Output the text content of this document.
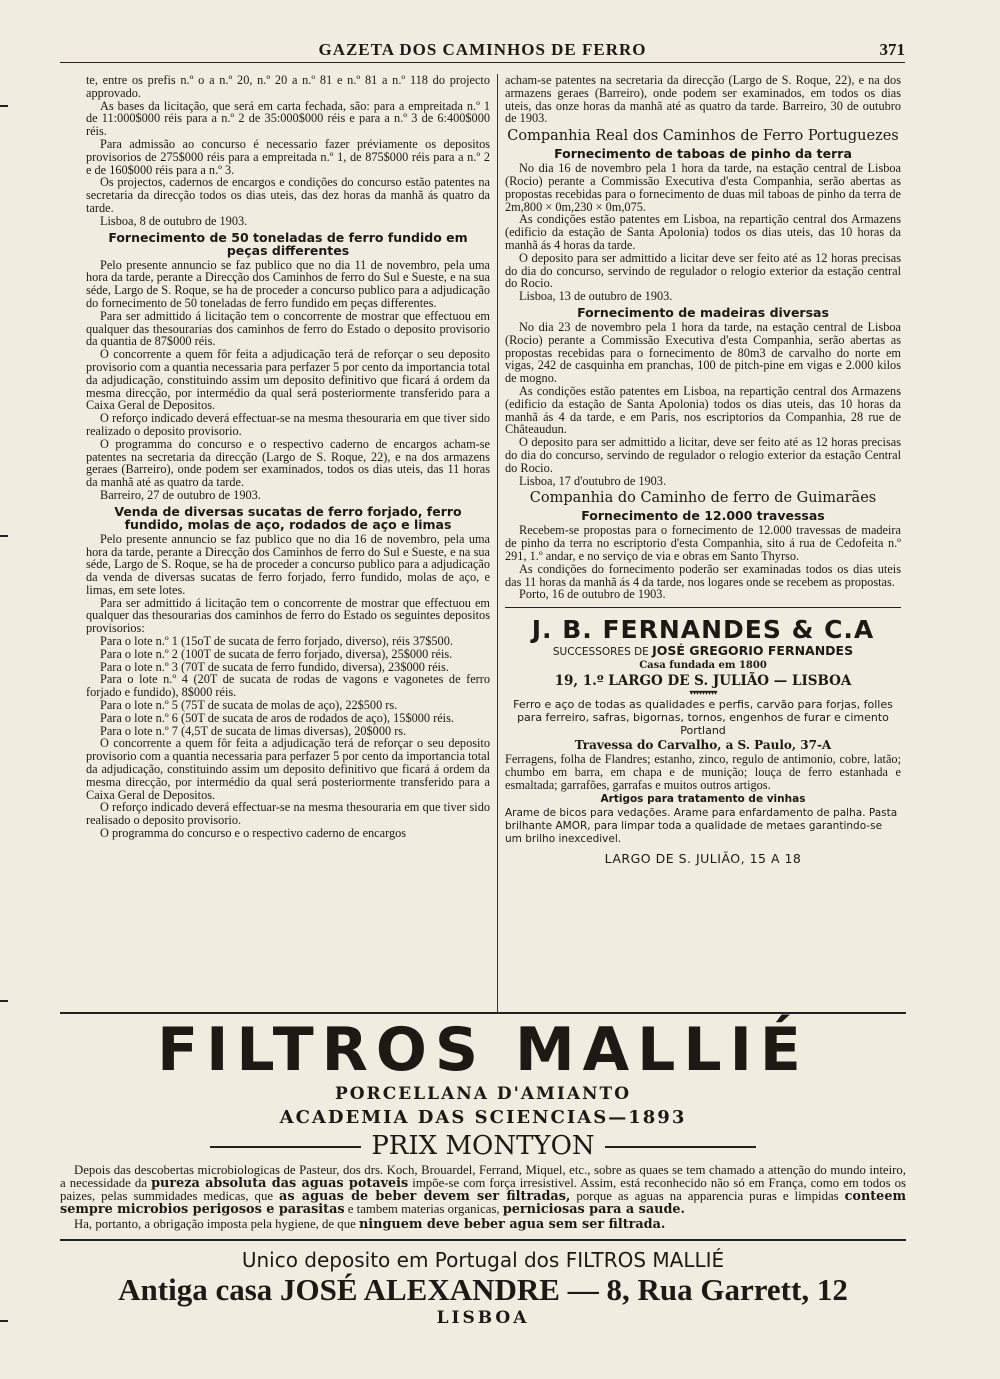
GAZETA DOS CAMINHOS DE FERRO	371

te, entre os prefis n.º o a n.º 20, n.º 20 a n.º 81 e n.º 81 a n.º 118 do projecto approvado.

As bases da licitação, que será em carta fechada, são: para a empreitada n.º 1 de 11:000$000 réis para a n.º 2 de 35:000$000 réis e para a n.º 3 de 6:400$000 réis.

Para admissão ao concurso é necessario fazer préviamente os depositos provisorios de 275$000 réis para a empreitada n.º 1, de 875$000 réis para a n.º 2 e de 160$000 réis para a n.º 3.

Os projectos, cadernos de encargos e condições do concurso estão patentes na secretaria da direcção todos os dias uteis, das dez horas da manhã ás quatro da tarde.

Lisboa, 8 de outubro de 1903.

Fornecimento de 50 toneladas de ferro fundido em peças differentes

Pelo presente annuncio se faz publico que no dia 11 de novembro, pela uma hora da tarde, perante a Direcção dos Caminhos de ferro do Sul e Sueste, e na sua séde, Largo de S. Roque, se ha de proceder a concurso publico para a adjudicação do fornecimento de 50 toneladas de ferro fundido em peças differentes.

Para ser admittido á licitação tem o concorrente de mostrar que effectuou em qualquer das thesourarias dos caminhos de ferro do Estado o deposito provisorio da quantia de 87$000 réis.

O concorrente a quem fôr feita a adjudicação terá de reforçar o seu deposito provisorio com a quantia necessaria para perfazer 5 por cento da importancia total da adjudicação, constituindo assim um deposito definitivo que ficará á ordem da mesma direcção, por intermédio da qual será posteriormente transferido para a Caixa Geral de Depositos.

O reforço indicado deverá effectuar-se na mesma thesouraria em que tiver sido realizado o deposito provisorio.

O programma do concurso e o respectivo caderno de encargos acham-se patentes na secretaria da direcção (Largo de S. Roque, 22), e na dos armazens geraes (Barreiro), onde podem ser examinados, todos os dias uteis, das 11 horas da manhã até as quatro da tarde.

Barreiro, 27 de outubro de 1903.

Venda de diversas sucatas de ferro forjado, ferro fundido, molas de aço, rodados de aço e limas

Pelo presente annuncio se faz publico que no dia 16 de novembro, pela uma hora da tarde, perante a Direcção dos Caminhos de ferro do Sul e Sueste, e na sua séde, Largo de S. Roque, se ha de proceder a concurso publico para a adjudicação da venda de diversas sucatas de ferro forjado, ferro fundido, molas de aço, e limas, em sete lotes.

Para ser admittido á licitação tem o concorrente de mostrar que effectuou em qualquer das thesourarias dos caminhos de ferro do Estado os seguintes depositos provisorios:

Para o lote n.º 1 (15oT de sucata de ferro forjado, diverso), réis 37$500.

Para o lote n.º 2 (100T de sucata de ferro forjado, diversa), 25$000 réis.

Para o lote n.º 3 (70T de sucata de ferro fundido, diversa), 23$000 réis.

Para o lote n.º 4 (20T de sucata de rodas de vagons e vagonetes de ferro forjado e fundido), 8$000 réis.

Para o lote n.º 5 (75T de sucata de molas de aço), 22$500 rs.

Para o lote n.º 6 (50T de sucata de aros de rodados de aço), 15$000 réis.

Para o lote n.º 7 (4,5T de sucata de limas diversas), 20$000 rs.

O concorrente a quem fôr feita a adjudicação terá de reforçar o seu deposito provisorio com a quantia necessaria para perfazer 5 por cento da importancia total da adjudicação, constituindo assim um deposito definitivo que ficará á ordem da mesma direcção, por intermédio da qual será posteriormente transferido para a Caixa Geral de Depositos.

O reforço indicado deverá effectuar-se na mesma thesouraria em que tiver sido realisado o deposito provisorio.

O programma do concurso e o respectivo caderno de encargos

acham-se patentes na secretaria da direcção (Largo de S. Roque, 22), e na dos armazens geraes (Barreiro), onde podem ser examinados, em todos os dias uteis, das onze horas da manhã até as quatro da tarde. Barreiro, 30 de outubro de 1903.

Companhia Real dos Caminhos de Ferro Portuguezes
Fornecimento de taboas de pinho da terra

No dia 16 de novembro pela 1 hora da tarde, na estação central de Lisboa (Rocio) perante a Commissão Executiva d'esta Companhia, serão abertas as propostas recebidas para o fornecimento de duas mil taboas de pinho da terra de 2m,800 × 0m,230 × 0m,075.

As condições estão patentes em Lisboa, na repartição central dos Armazens (edificio da estação de Santa Apolonia) todos os dias uteis, das 10 horas da manhã ás 4 horas da tarde.

O deposito para ser admittido a licitar deve ser feito até as 12 horas precisas do dia do concurso, servindo de regulador o relogio exterior da estação central do Rocio.

Lisboa, 13 de outubro de 1903.

Fornecimento de madeiras diversas

No dia 23 de novembro pela 1 hora da tarde, na estação central de Lisboa (Rocio) perante a Commissão Executiva d'esta Companhia, serão abertas as propostas recebidas para o fornecimento de 80m3 de carvalho do norte em vigas, 242 de casquinha em pranchas, 100 de pitch-pine em vigas e 2.000 kilos de mogno.

As condições estão patentes em Lisboa, na repartição central dos Armazens (edificio da estação de Santa Apolonia) todos os dias uteis, das 10 horas da manhã ás 4 da tarde, e em Paris, nos escriptorios da Companhia, 28 rue de Châteaudun.

O deposito para ser admittido a licitar, deve ser feito até as 12 horas precisas do dia do concurso, servindo de regulador o relogio exterior da estação Central do Rocio.

Lisboa, 17 d'outubro de 1903.

Companhia do Caminho de ferro de Guimarães
Fornecimento de 12.000 travessas

Recebem-se propostas para o fornecimento de 12.000 travessas de madeira de pinho da terra no escriptorio d'esta Companhia, sito á rua de Cedofeita n.º 291, 1.º andar, e no serviço de via e obras em Santo Thyrso.

As condições do fornecimento poderão ser examinadas todos os dias uteis das 11 horas da manhã ás 4 da tarde, nos logares onde se recebem as propostas.

Porto, 16 de outubro de 1903.

J. B. FERNANDES & C.A
SUCCESSORES DE JOSÉ GREGORIO FERNANDES
Casa fundada em 1800
19, 1.º LARGO DE S. JULIÃO — LISBOA
▾▾▾▾▾▾▾▾▾
Ferro e aço de todas as qualidades e perfis, carvão para forjas, folles para ferreiro, safras, bigornas, tornos, engenhos de furar e cimento Portland
Travessa do Carvalho, a S. Paulo, 37-A
Ferragens, folha de Flandres; estanho, zinco, regulo de antimonio, cobre, latão; chumbo em barra, em chapa e de munição; louça de ferro estanhada e esmaltada; garrafões, garrafas e muitos outros artigos.
Artigos para tratamento de vinhas
Arame de bicos para vedações. Arame para enfardamento de palha. Pasta brilhante AMOR, para limpar toda a qualidade de metaes garantindo-se um brilho inexcedivel.
LARGO DE S. JULIÃO, 15 A 18
FILTROS MALLIÉ
PORCELLANA D'AMIANTO
ACADEMIA DAS SCIENCIAS—1893
PRIX MONTYON

Depois das descobertas microbiologicas de Pasteur, dos drs. Koch, Brouardel, Ferrand, Miquel, etc., sobre as quaes se tem chamado a attenção do mundo inteiro, a necessidade da pureza absoluta das aguas potaveis impõe-se com força irresistivel. Assim, está reconhecido não só em França, como em todos os paizes, pelas summidades medicas, que as aguas de beber devem ser filtradas, porque as aguas na apparencia puras e limpidas conteem sempre microbios perigosos e parasitas e tambem materias organicas, perniciosas para a saude.

Ha, portanto, a obrigação imposta pela hygiene, de que ninguem deve beber agua sem ser filtrada.

Unico deposito em Portugal dos FILTROS MALLIÉ
Antiga casa JOSÉ ALEXANDRE — 8, Rua Garrett, 12
LISBOA
